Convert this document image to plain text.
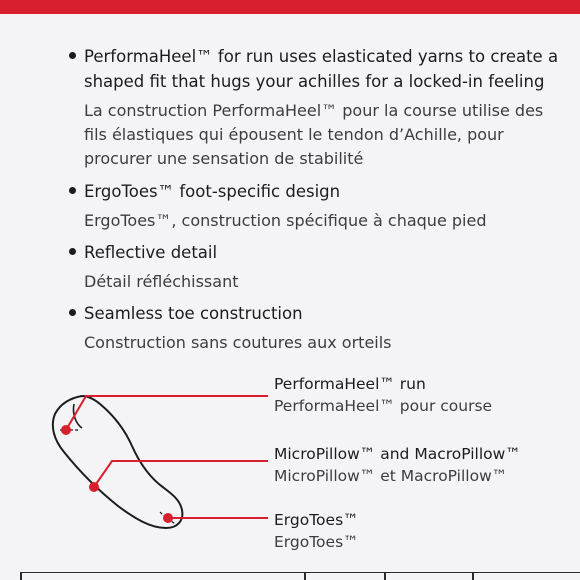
PerformaHeel™ for run uses elasticated yarns to create a
shaped fit that hugs your achilles for a locked-in feeling
La construction PerformaHeel™ pour la course utilise des
fils élastiques qui épousent le tendon d’Achille, pour
procurer une sensation de stabilité
ErgoToes™ foot-specific design
ErgoToes™, construction spécifique à chaque pied
Reflective detail
Détail réfléchissant
Seamless toe construction
Construction sans coutures aux orteils
PerformaHeel™ run
PerformaHeel™ pour course
MicroPillow™ and MacroPillow™
MicroPillow™ et MacroPillow™
ErgoToes™
ErgoToes™
